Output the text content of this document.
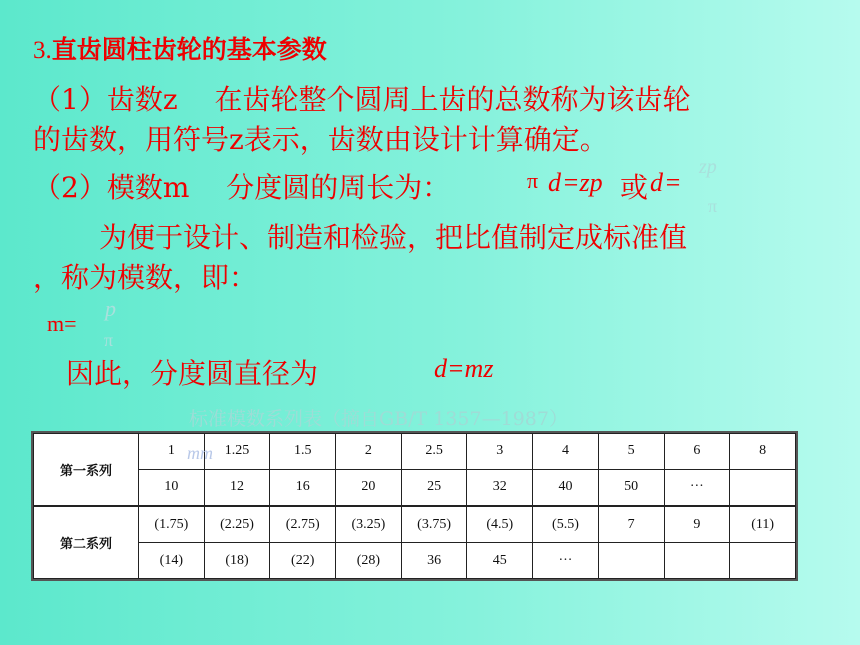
3.直齿圆柱齿轮的基本参数
（1）齿数z　 在齿轮整个圆周上齿的总数称为该齿轮
的齿数，用符号z表示，齿数由设计计算确定。
（2）模数m　 分度圆的周长为：	π d =zp 或 d =
zp
π
为便于设计、制造和检验，把比值制定成标准值
，称为模数，即：
m=
p
π
因此，分度圆直径为	d=mz
标准模数系列表（摘自GB/T 1357—1987）
第一系列	1	1.25	1.5	2	2.5	3	4	5	6	8
	10	12	16	20	25	32	40	50	···	
第二系列	(1.75)	(2.25)	(2.75)	(3.25)	(3.75)	(4.5)	(5.5)	7	9	(11)
	(14)	(18)	(22)	(28)	36	45	···			
mm
